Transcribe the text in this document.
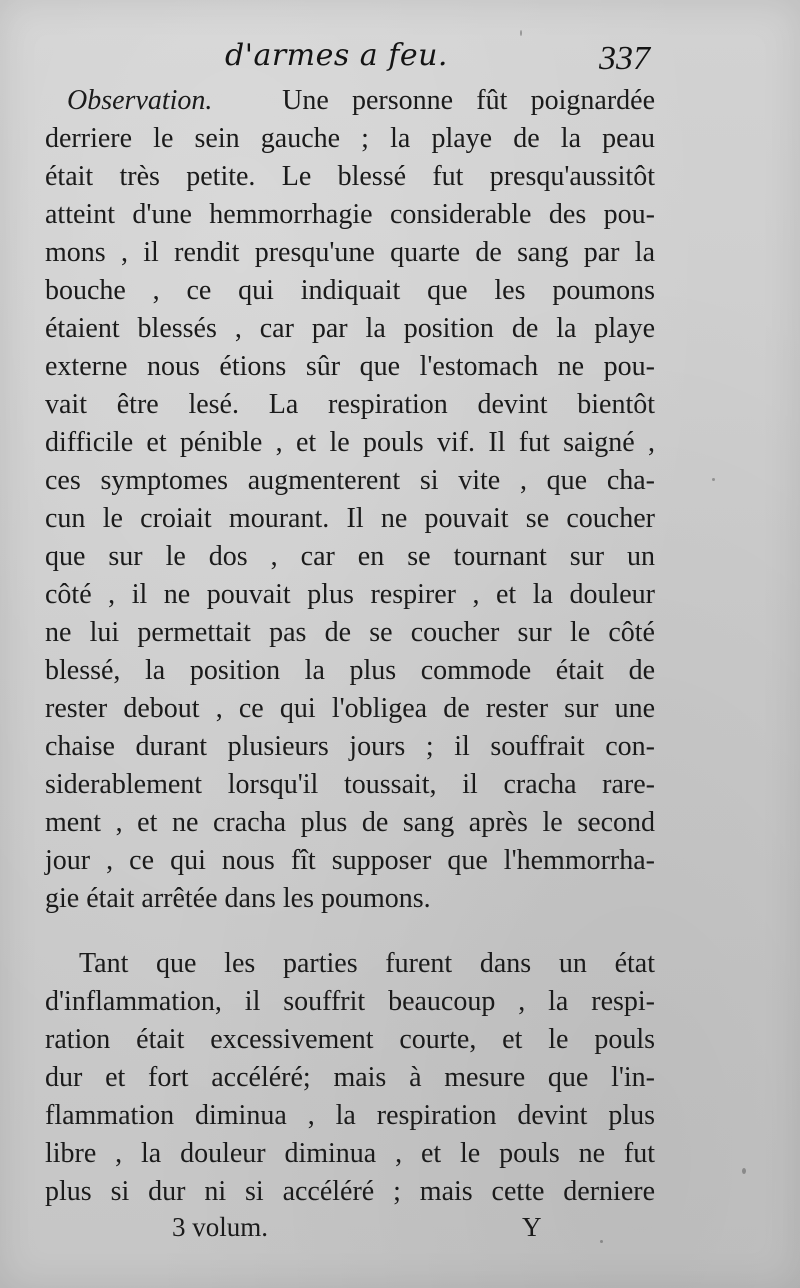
d'armes a feu.	337
Observation. Une personne fût poignardée
derriere le sein gauche ; la playe de la peau
était très petite. Le blessé fut presqu'aussitôt
atteint d'une hemmorrhagie considerable des pou-
mons , il rendit presqu'une quarte de sang par la
bouche , ce qui indiquait que les poumons
étaient blessés , car par la position de la playe
externe nous étions sûr que l'estomach ne pou-
vait être lesé. La respiration devint bientôt
difficile et pénible , et le pouls vif. Il fut saigné ,
ces symptomes augmenterent si vite , que cha-
cun le croiait mourant. Il ne pouvait se coucher
que sur le dos , car en se tournant sur un
côté , il ne pouvait plus respirer , et la douleur
ne lui permettait pas de se coucher sur le côté
blessé, la position la plus commode était de
rester debout , ce qui l'obligea de rester sur une
chaise durant plusieurs jours ; il souffrait con-
siderablement lorsqu'il toussait, il cracha rare-
ment , et ne cracha plus de sang après le second
jour , ce qui nous fît supposer que l'hemmorrha-
gie était arrêtée dans les poumons.
Tant que les parties furent dans un état
d'inflammation, il souffrit beaucoup , la respi-
ration était excessivement courte, et le pouls
dur et fort accéléré; mais à mesure que l'in-
flammation diminua , la respiration devint plus
libre , la douleur diminua , et le pouls ne fut
plus si dur ni si accéléré ; mais cette derniere
3 volum.	Y
